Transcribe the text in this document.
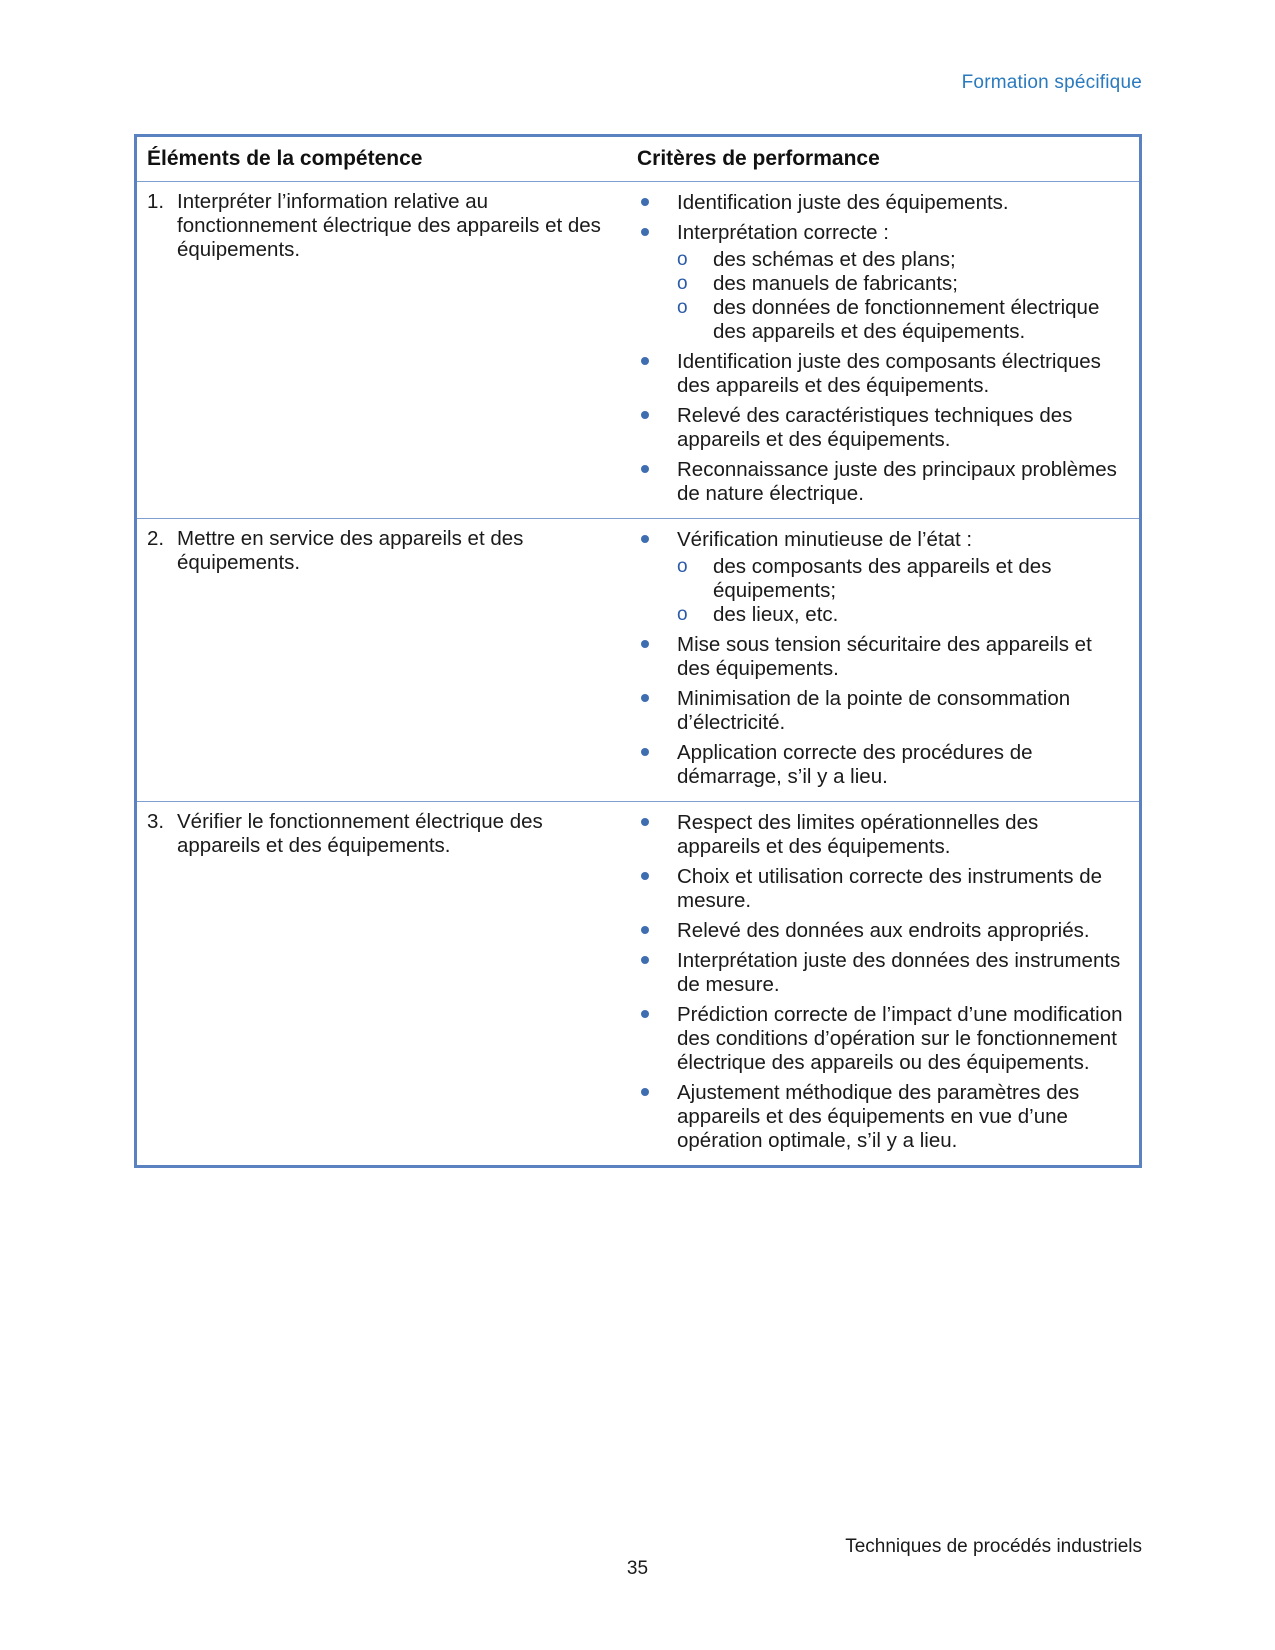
Formation spécifique
Éléments de la compétence	Critères de performance
1. Interpréter l’information relative au fonctionnement électrique des appareils et des équipements.
Identification juste des équipements.
Interprétation correcte :
o des schémas et des plans;
o des manuels de fabricants;
o des données de fonctionnement électrique des appareils et des équipements.
Identification juste des composants électriques des appareils et des équipements.
Relevé des caractéristiques techniques des appareils et des équipements.
Reconnaissance juste des principaux problèmes de nature électrique.
2. Mettre en service des appareils et des équipements.
Vérification minutieuse de l’état :
o des composants des appareils et des équipements;
o des lieux, etc.
Mise sous tension sécuritaire des appareils et des équipements.
Minimisation de la pointe de consommation d’électricité.
Application correcte des procédures de démarrage, s’il y a lieu.
3. Vérifier le fonctionnement électrique des appareils et des équipements.
Respect des limites opérationnelles des appareils et des équipements.
Choix et utilisation correcte des instruments de mesure.
Relevé des données aux endroits appropriés.
Interprétation juste des données des instruments de mesure.
Prédiction correcte de l’impact d’une modification des conditions d’opération sur le fonctionnement électrique des appareils ou des équipements.
Ajustement méthodique des paramètres des appareils et des équipements en vue d’une opération optimale, s’il y a lieu.
Techniques de procédés industriels
35
